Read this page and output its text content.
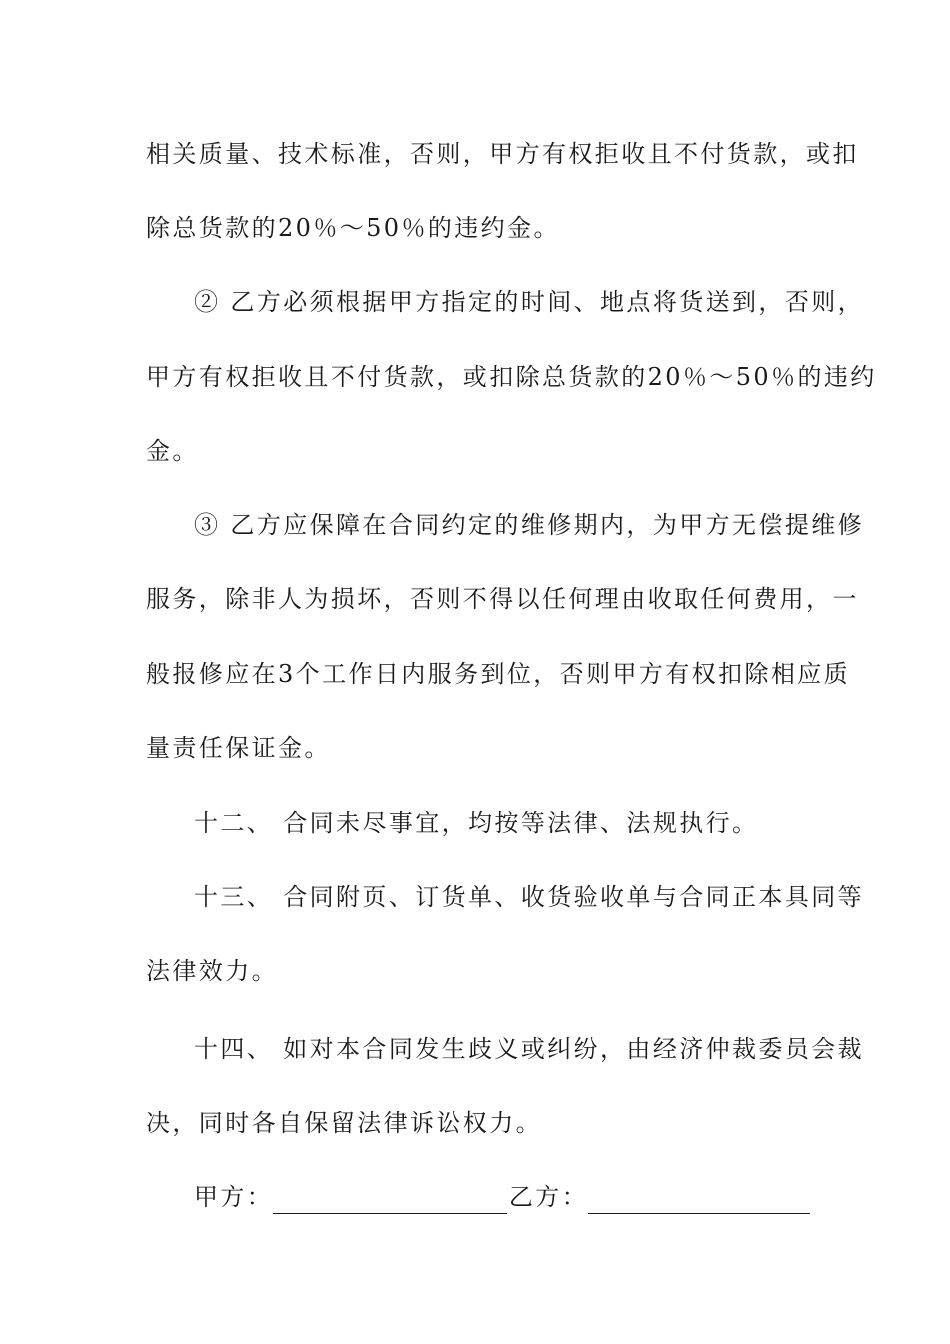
相关质量、技术标准，否则，甲方有权拒收且不付货款，或扣
除总货款的20％～50％的违约金。
② 乙方必须根据甲方指定的时间、地点将货送到，否则，
甲方有权拒收且不付货款，或扣除总货款的20％～50％的违约
金。
③ 乙方应保障在合同约定的维修期内，为甲方无偿提维修
服务，除非人为损坏，否则不得以任何理由收取任何费用，一
般报修应在3个工作日内服务到位，否则甲方有权扣除相应质
量责任保证金。
十二、 合同未尽事宜，均按等法律、法规执行。
十三、 合同附页、订货单、收货验收单与合同正本具同等
法律效力。
十四、 如对本合同发生歧义或纠纷，由经济仲裁委员会裁
决，同时各自保留法律诉讼权力。
甲方：	乙方：
